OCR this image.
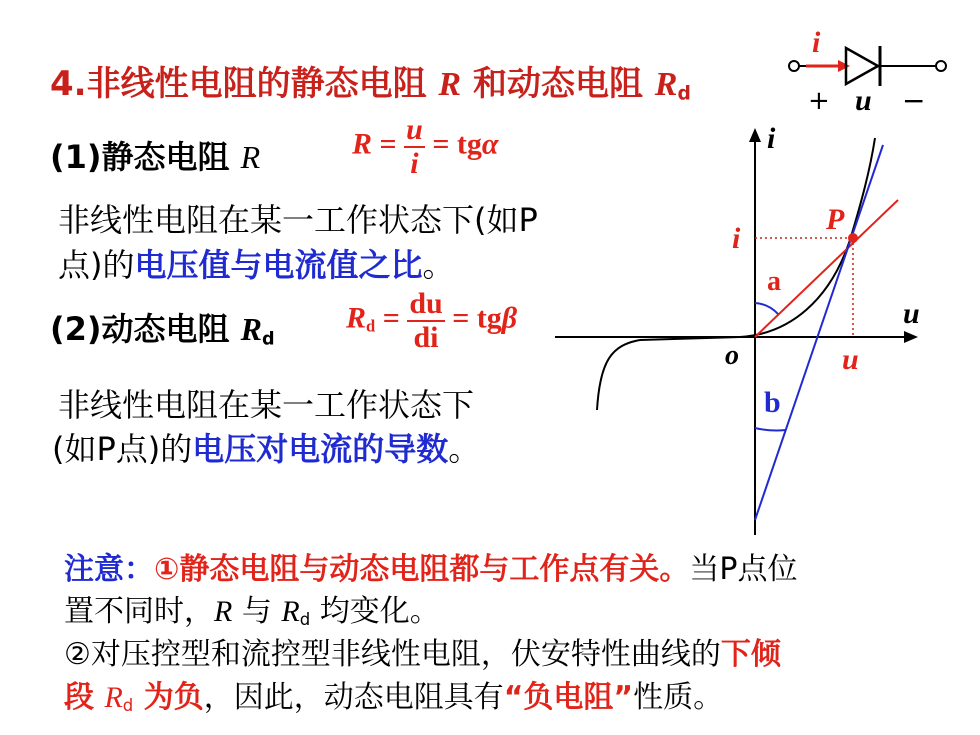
4.非线性电阻的静态电阻 R 和动态电阻 $R_d$
i
+ u −
(1)静态电阻 R	$R = \frac{u}{i} = tg\alpha$
非线性电阻在某一工作状态下(如P
点)的电压值与电流值之比。
(2)动态电阻 $R_d$
$R_d = \frac{du}{di} = tg\beta$
非线性电阻在某一工作状态下
(如P点)的电压对电流的导数。
i
u
o
P
i
u
a
b
注意：①静态电阻与动态电阻都与工作点有关。当P点位
置不同时，R 与 $R_d$ 均变化。
②对压控型和流控型非线性电阻，伏安特性曲线的下倾
段 $R_d$ 为负，因此，动态电阻具有“负电阻”性质。
